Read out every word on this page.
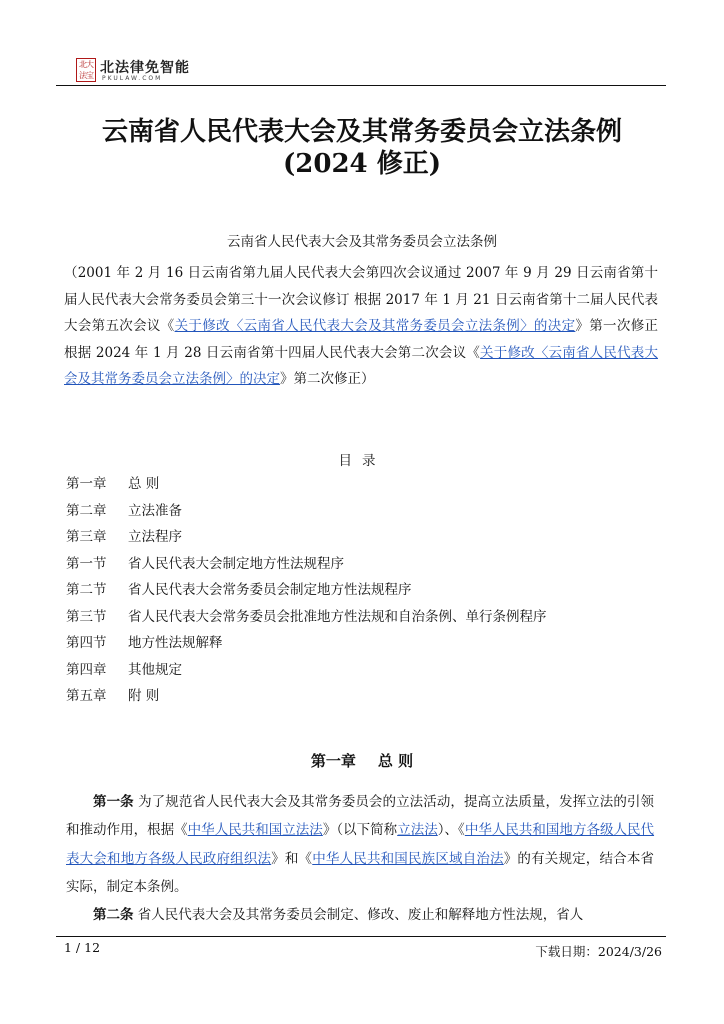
北大法宝 北法律免智能
PKULAW.COM
云南省人民代表大会及其常务委员会立法条例
(2024 修正)
云南省人民代表大会及其常务委员会立法条例
（2001 年 2 月 16 日云南省第九届人民代表大会第四次会议通过 2007 年 9 月 29 日云南省第十届人民代表大会常务委员会第三十一次会议修订 根据 2017 年 1 月 21 日云南省第十二届人民代表大会第五次会议《关于修改〈云南省人民代表大会及其常务委员会立法条例〉的决定》第一次修正 根据 2024 年 1 月 28 日云南省第十四届人民代表大会第二次会议《关于修改〈云南省人民代表大会及其常务委员会立法条例〉的决定》第二次修正）
目录
第一章 总 则
第二章 立法准备
第三章 立法程序
第一节 省人民代表大会制定地方性法规程序
第二节 省人民代表大会常务委员会制定地方性法规程序
第三节 省人民代表大会常务委员会批准地方性法规和自治条例、单行条例程序
第四节 地方性法规解释
第四章 其他规定
第五章 附 则
第一章 总 则

第一条 为了规范省人民代表大会及其常务委员会的立法活动，提高立法质量，发挥立法的引领和推动作用，根据《中华人民共和国立法法》（以下简称立法法）、《中华人民共和国地方各级人民代表大会和地方各级人民政府组织法》和《中华人民共和国民族区域自治法》的有关规定，结合本省实际，制定本条例。

第二条 省人民代表大会及其常务委员会制定、修改、废止和解释地方性法规，省人

1 / 12	下载日期：2024/3/26
